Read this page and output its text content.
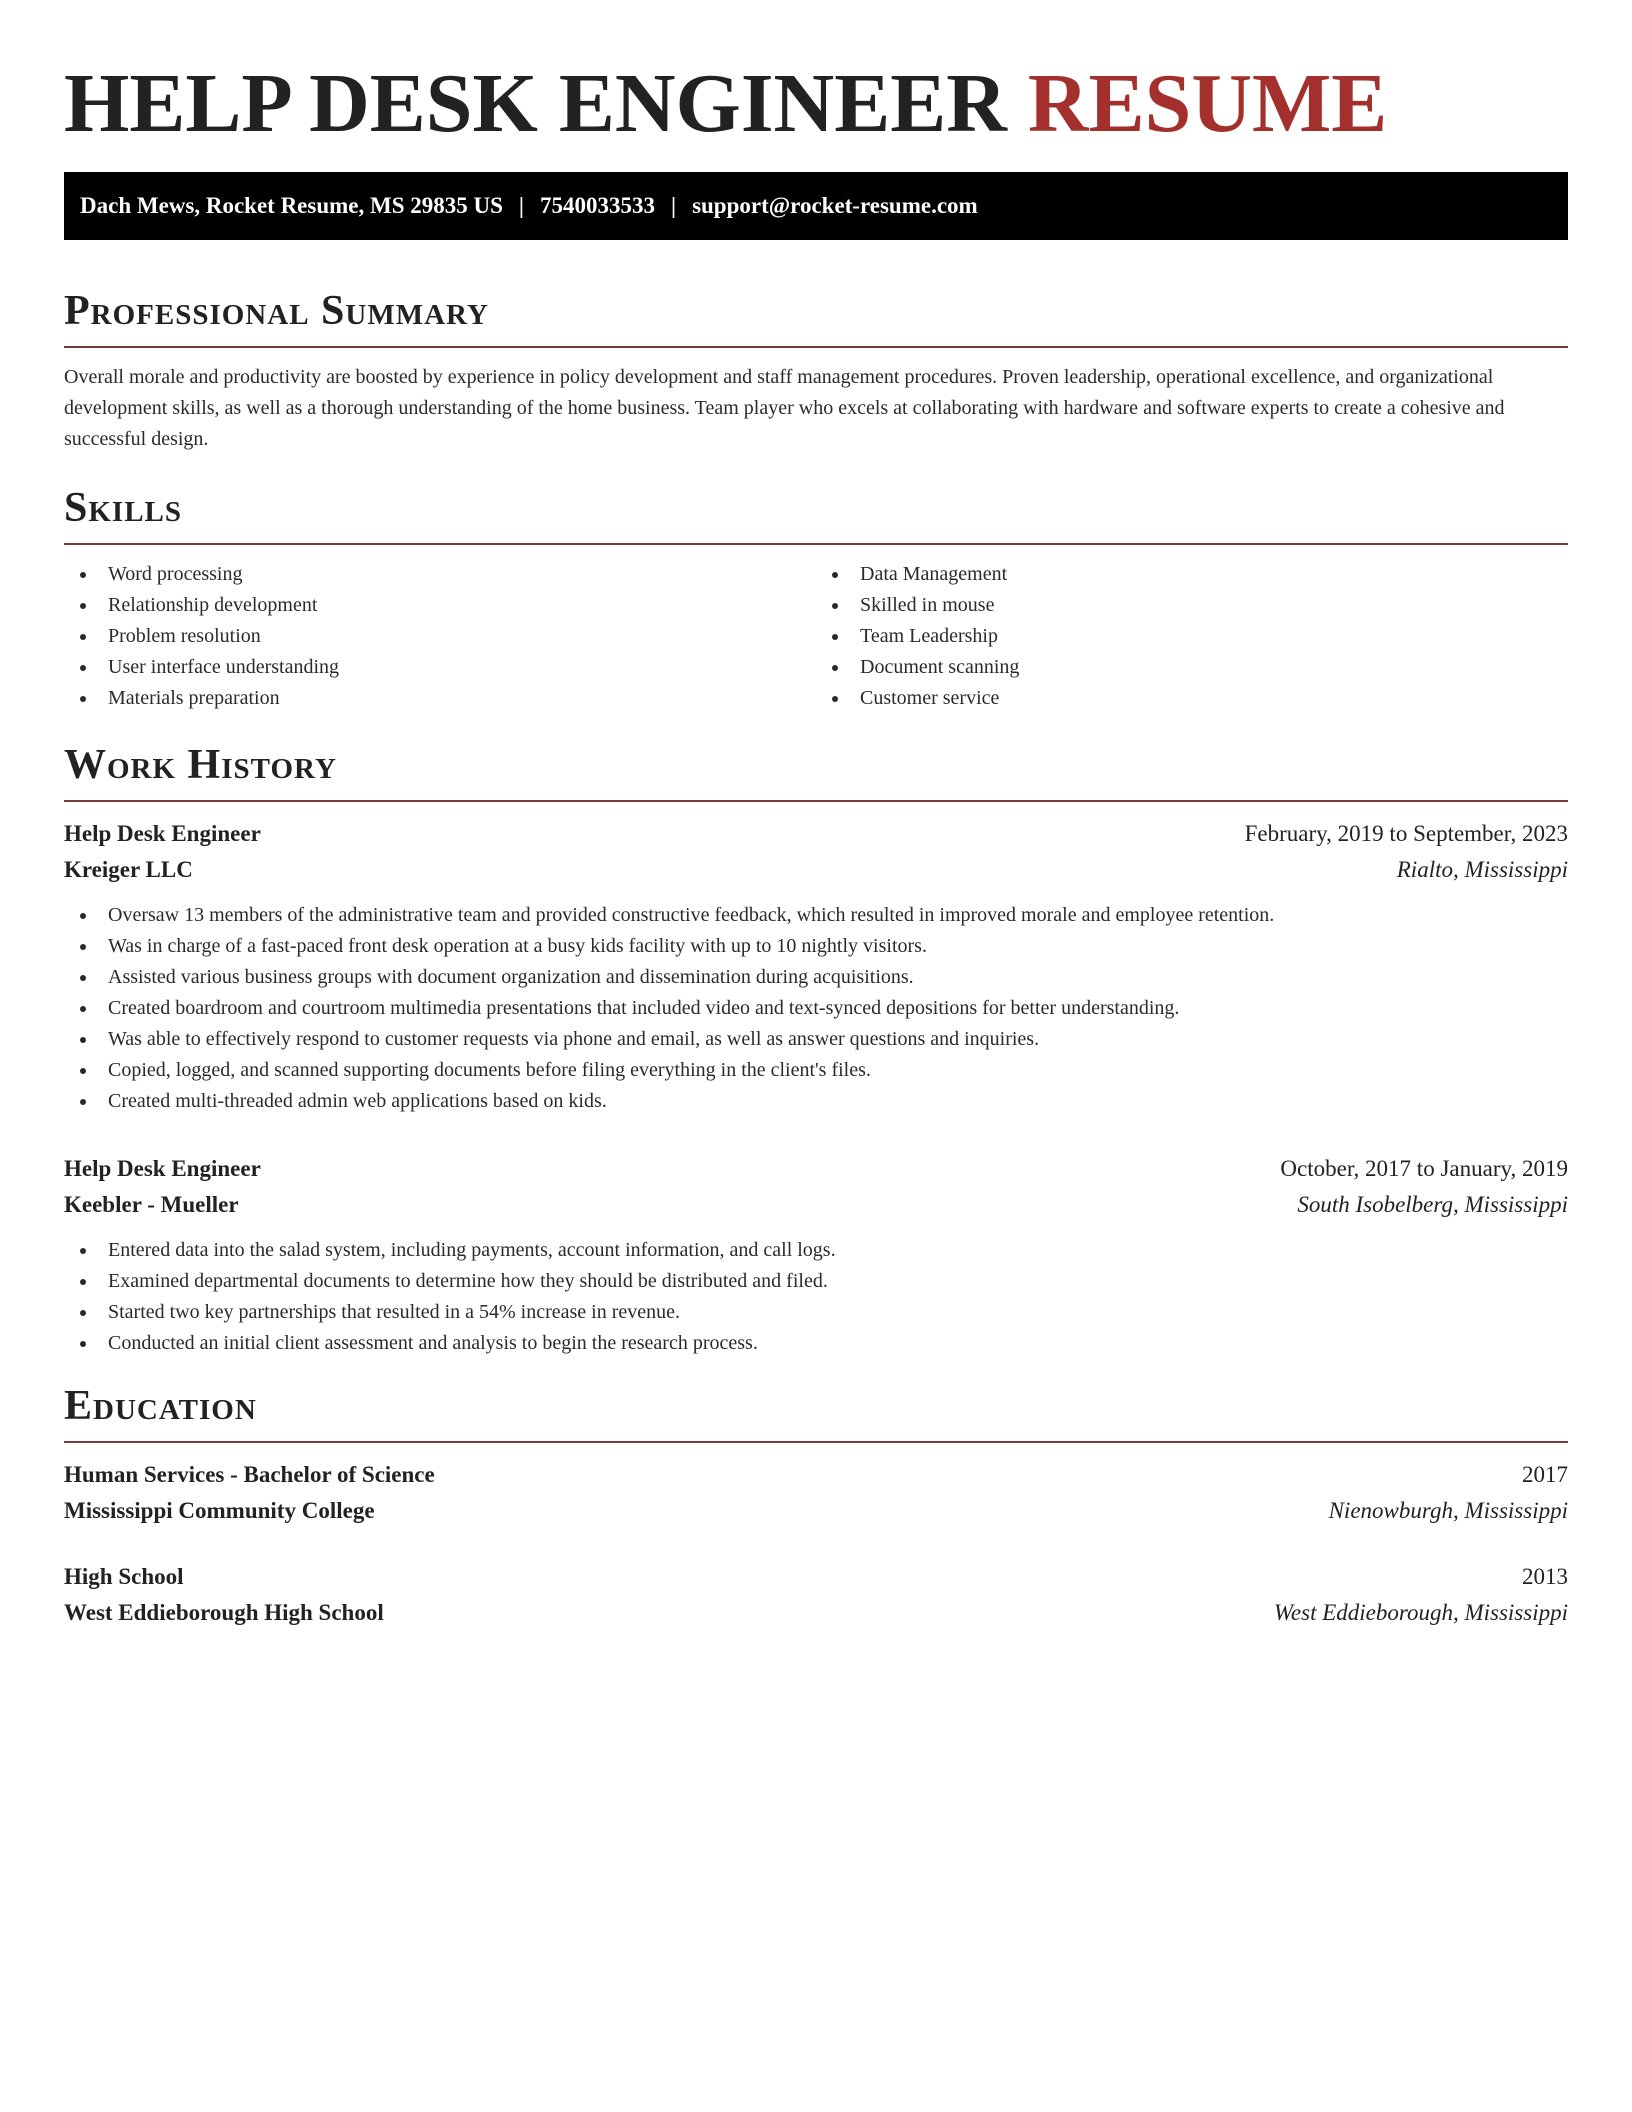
HELP DESK ENGINEER RESUME
Dach Mews, Rocket Resume, MS 29835 US | 7540033533 | support@rocket-resume.com
Professional Summary

Overall morale and productivity are boosted by experience in policy development and staff management procedures. Proven leadership, operational excellence, and organizational development skills, as well as a thorough understanding of the home business. Team player who excels at collaborating with hardware and software experts to create a cohesive and successful design.

Skills
Word processing
Relationship development
Problem resolution
User interface understanding
Materials preparation
Data Management
Skilled in mouse
Team Leadership
Document scanning
Customer service
Work History
Help Desk Engineer	February, 2019 to September, 2023
Kreiger LLC	Rialto, Mississippi
Oversaw 13 members of the administrative team and provided constructive feedback, which resulted in improved morale and employee retention.
Was in charge of a fast-paced front desk operation at a busy kids facility with up to 10 nightly visitors.
Assisted various business groups with document organization and dissemination during acquisitions.
Created boardroom and courtroom multimedia presentations that included video and text-synced depositions for better understanding.
Was able to effectively respond to customer requests via phone and email, as well as answer questions and inquiries.
Copied, logged, and scanned supporting documents before filing everything in the client's files.
Created multi-threaded admin web applications based on kids.
Help Desk Engineer	October, 2017 to January, 2019
Keebler - Mueller	South Isobelberg, Mississippi
Entered data into the salad system, including payments, account information, and call logs.
Examined departmental documents to determine how they should be distributed and filed.
Started two key partnerships that resulted in a 54% increase in revenue.
Conducted an initial client assessment and analysis to begin the research process.
Education
Human Services - Bachelor of Science	2017
Mississippi Community College	Nienowburgh, Mississippi
High School	2013
West Eddieborough High School	West Eddieborough, Mississippi
